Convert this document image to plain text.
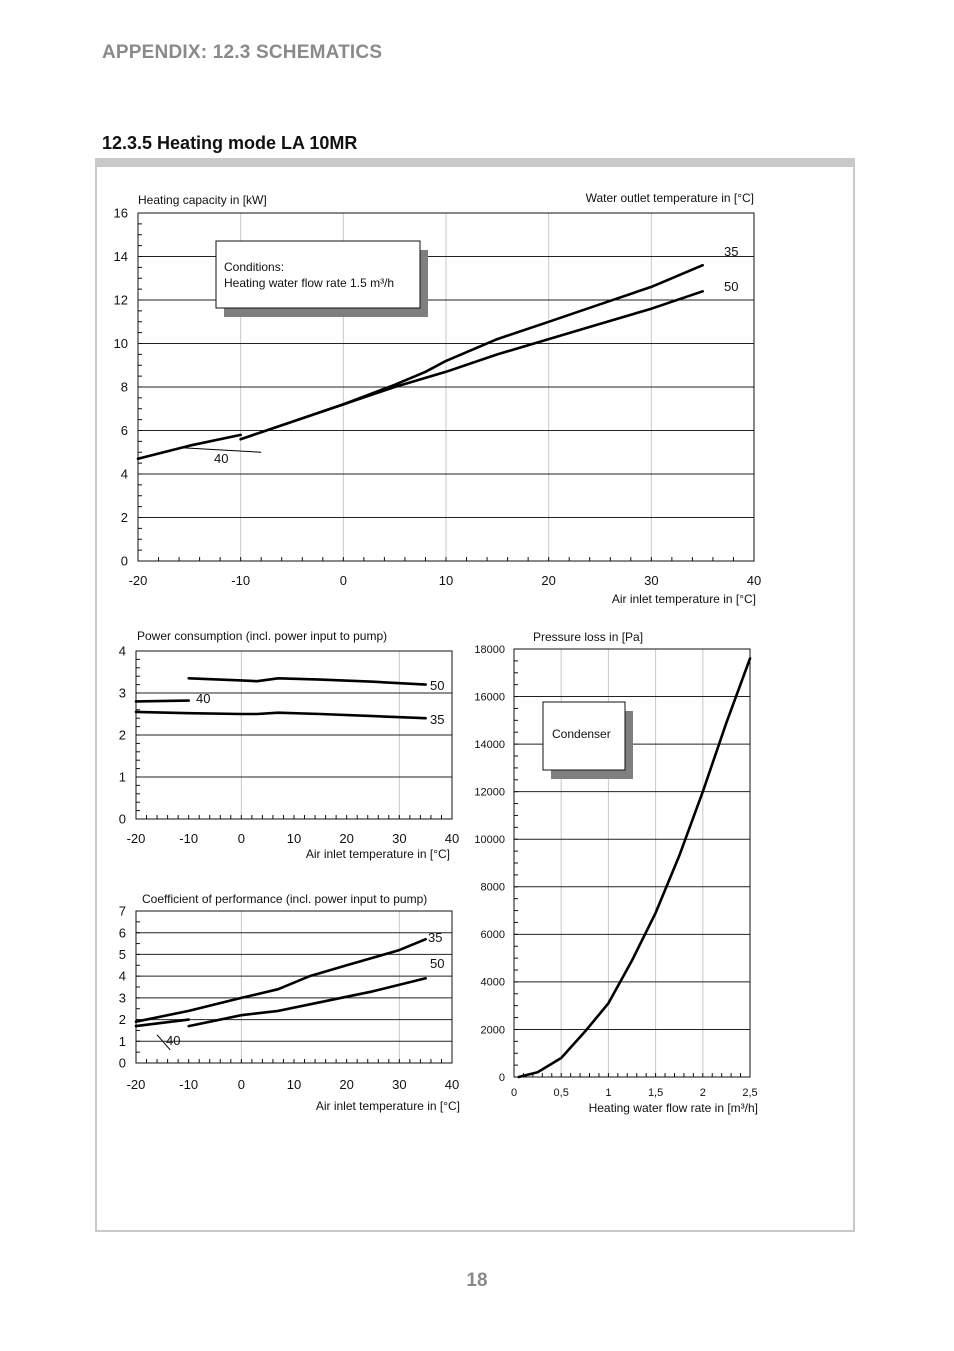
APPENDIX: 12.3 SCHEMATICS
12.3.5 Heating mode LA 10MR
18
0
2
4
6
8
10
12
14
16
-20	-10	0	10	20	30	40
Heating capacity in [kW]	Water outlet temperature in [°C]
Air inlet temperature in [°C]
Conditions:
Heating water flow rate 1.5 m³/h
35
50
40
0
1
2
3
4
-20	-10	0	10	20	30	40
Power consumption (incl. power input to pump)
Air inlet temperature in [°C]
50
35
40
0
1
2
3
4
5
6
7
-20	-10	0	10	20	30	40
Coefficient of performance (incl. power input to pump)
Air inlet temperature in [°C]
35
50
40
0
2000
4000
6000
8000
10000
12000
14000
16000
18000
0	0,5	1	1,5	2	2,5
Pressure loss in [Pa]
Heating water flow rate in [m³/h]
Condenser
